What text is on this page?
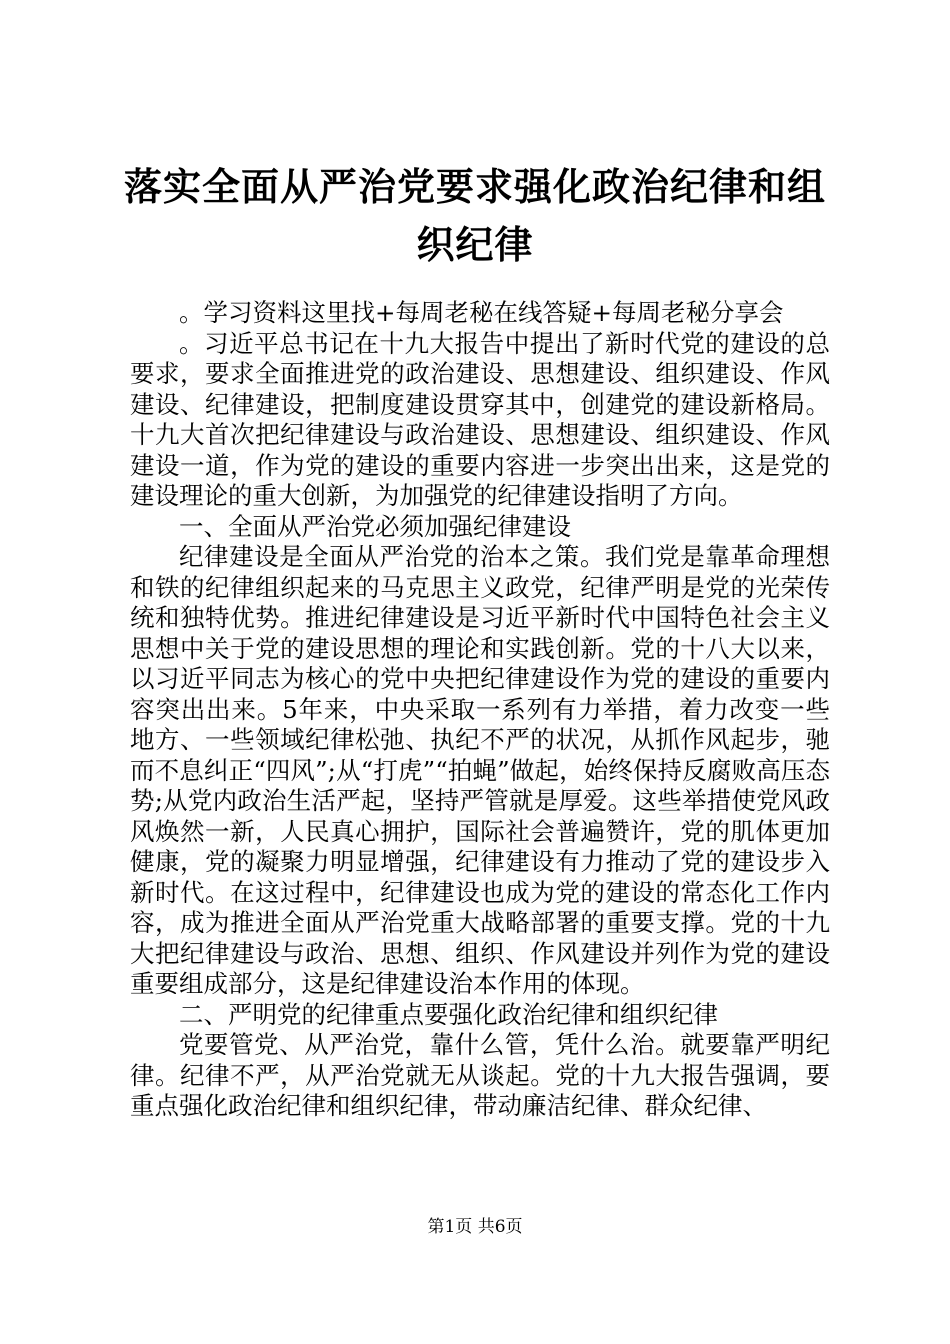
落实全面从严治党要求强化政治纪律和组织纪律

。学习资料这里找+每周老秘在线答疑+每周老秘分享会

。习近平总书记在十九大报告中提出了新时代党的建设的总要求，要求全面推进党的政治建设、思想建设、组织建设、作风建设、纪律建设，把制度建设贯穿其中，创建党的建设新格局。十九大首次把纪律建设与政治建设、思想建设、组织建设、作风建设一道，作为党的建设的重要内容进一步突出出来，这是党的建设理论的重大创新，为加强党的纪律建设指明了方向。

一、全面从严治党必须加强纪律建设

纪律建设是全面从严治党的治本之策。我们党是靠革命理想和铁的纪律组织起来的马克思主义政党，纪律严明是党的光荣传统和独特优势。推进纪律建设是习近平新时代中国特色社会主义思想中关于党的建设思想的理论和实践创新。党的十八大以来，以习近平同志为核心的党中央把纪律建设作为党的建设的重要内容突出出来。5年来，中央采取一系列有力举措，着力改变一些地方、一些领域纪律松弛、执纪不严的状况，从抓作风起步，驰而不息纠正“四风”;从“打虎”“拍蝇”做起，始终保持反腐败高压态势;从党内政治生活严起，坚持严管就是厚爱。这些举措使党风政风焕然一新，人民真心拥护，国际社会普遍赞许，党的肌体更加健康，党的凝聚力明显增强，纪律建设有力推动了党的建设步入新时代。在这过程中，纪律建设也成为党的建设的常态化工作内容，成为推进全面从严治党重大战略部署的重要支撑。党的十九大把纪律建设与政治、思想、组织、作风建设并列作为党的建设重要组成部分，这是纪律建设治本作用的体现。

二、严明党的纪律重点要强化政治纪律和组织纪律

党要管党、从严治党，靠什么管，凭什么治。就要靠严明纪律。纪律不严，从严治党就无从谈起。党的十九大报告强调，要重点强化政治纪律和组织纪律，带动廉洁纪律、群众纪律、

第1页 共6页
